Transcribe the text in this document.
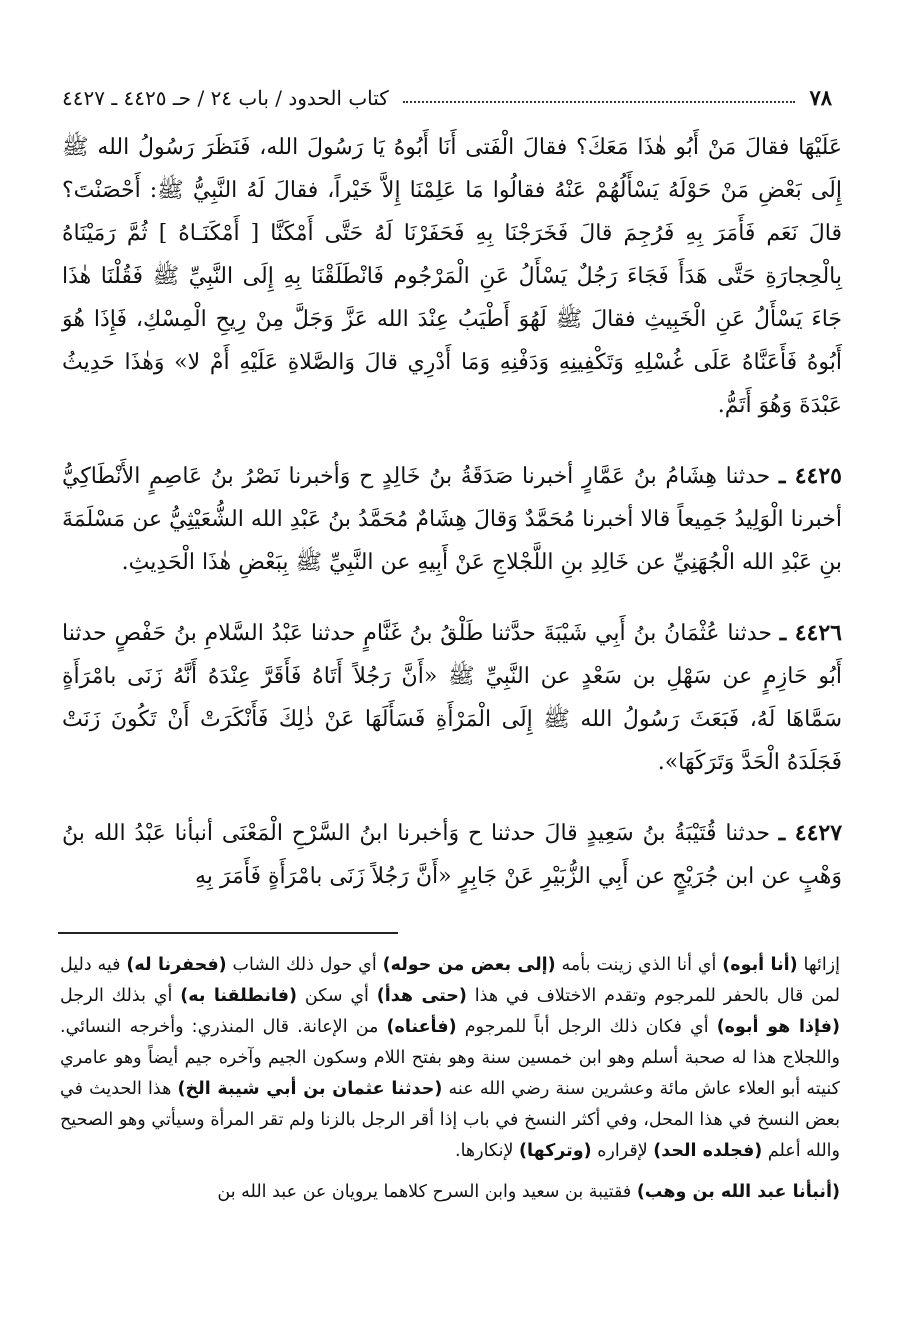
كتاب الحدود / باب ٢٤ / حـ ٤٤٢٥ ـ ٤٤٢٧	٧٨

عَلَيْهَا فقالَ مَنْ أَبُو هٰذَا مَعَكَ؟ فقالَ الْفَتى أَنَا أَبُوهُ يَا رَسُولَ الله، فَنَظَرَ رَسُولُ الله ﷺ إِلَى بَعْضِ مَنْ حَوْلَهُ يَسْأَلُهُمْ عَنْهُ فقالُوا مَا عَلِمْنَا إِلاَّ خَيْراً، فقالَ لَهُ النَّبِيُّ ﷺ: أَحْصَنْتَ؟ قالَ نَعَم فَأَمَرَ بِهِ فَرُجِمَ قالَ فَخَرَجْنَا بِهِ فَحَفَرْنَا لَهُ حَتَّى أَمْكَنَّا [ أَمْكَنَـاهُ ] ثُمَّ رَمَيْنَاهُ بِالْحِجارَةِ حَتَّى هَدَأَ فَجَاءَ رَجُلٌ يَسْأَلُ عَنِ الْمَرْجُوم فَانْطَلَقْنَا بِهِ إِلَى النَّبِيِّ ﷺ فَقُلْنَا هٰذَا جَاءَ يَسْأَلُ عَنِ الْخَبِيثِ فقالَ ﷺ لَهُوَ أَطْيَبُ عِنْدَ الله عَزَّ وَجَلَّ مِنْ رِيحِ الْمِسْكِ، فَإِذَا هُوَ أَبُوهُ فَأَعَنَّاهُ عَلَى غُسْلِهِ وَتَكْفِينِهِ وَدَفْنِهِ وَمَا أَدْرِي قالَ وَالصَّلاةِ عَلَيْهِ أَمْ لا» وَهٰذَا حَدِيثُ عَبْدَةَ وَهُوَ أَتَمُّ.

٤٤٢٥ ـ حدثنا هِشَامُ بنُ عَمَّارٍ أخبرنا صَدَقَةُ بنُ خَالِدٍ ح وَأخبرنا نَصْرُ بنُ عَاصِمٍ الأَنْطَاكِيُّ أخبرنا الْوَلِيدُ جَمِيعاً قالا أخبرنا مُحَمَّدٌ وَقالَ هِشَامٌ مُحَمَّدُ بنُ عَبْدِ الله الشُّعَيْثِيُّ عن مَسْلَمَةَ بنِ عَبْدِ الله الْجُهَنِيِّ عن خَالِدِ بنِ اللَّجْلاجِ عَنْ أَبِيهِ عن النَّبِيِّ ﷺ بِبَعْضِ هٰذَا الْحَدِيثِ.

٤٤٢٦ ـ حدثنا عُثْمَانُ بنُ أَبِي شَيْبَةَ حدَّثنا طَلْقُ بنُ غَنَّامٍ حدثنا عَبْدُ السَّلامِ بنُ حَفْصٍ حدثنا أَبُو حَازِمٍ عن سَهْلِ بن سَعْدٍ عن النَّبِيِّ ﷺ «أَنَّ رَجُلاً أَتَاهُ فَأَقَرَّ عِنْدَهُ أَنَّهُ زَنَى بامْرَأَةٍ سَمَّاهَا لَهُ، فَبَعَثَ رَسُولُ الله ﷺ إِلَى الْمَرْأَةِ فَسَأَلَهَا عَنْ ذٰلِكَ فَأَنْكَرَتْ أَنْ تَكُونَ زَنَتْ فَجَلَدَهُ الْحَدَّ وَتَرَكَهَا».

٤٤٢٧ ـ حدثنا قُتَيْبَةُ بنُ سَعِيدٍ قالَ حدثنا ح وَأخبرنا ابنُ السَّرْحِ الْمَعْنَى أنبأنا عَبْدُ الله بنُ وَهْبٍ عن ابن جُرَيْجٍ عن أَبِي الزُّبَيْرِ عَنْ جَابِرٍ «أَنَّ رَجُلاً زَنَى بامْرَأَةٍ فَأَمَرَ بِهِ

إزائها (أنا أبوه) أي أنا الذي زينت بأمه (إلى بعض من حوله) أي حول ذلك الشاب (فحفرنا له) فيه دليل لمن قال بالحفر للمرجوم وتقدم الاختلاف في هذا (حتى هدأ) أي سكن (فانطلقنا به) أي بذلك الرجل (فإذا هو أبوه) أي فكان ذلك الرجل أباً للمرجوم (فأعناه) من الإعانة. قال المنذري: وأخرجه النسائي. واللجلاج هذا له صحبة أسلم وهو ابن خمسين سنة وهو بفتح اللام وسكون الجيم وآخره جيم أيضاً وهو عامري كنيته أبو العلاء عاش مائة وعشرين سنة رضي الله عنه (حدثنا عثمان بن أبي شيبة الخ) هذا الحديث في بعض النسخ في هذا المحل، وفي أكثر النسخ في باب إذا أقر الرجل بالزنا ولم تقر المرأة وسيأتي وهو الصحيح والله أعلم (فجلده الحد) لإقراره (وتركها) لإنكارها.

(أنبأنا عبد الله بن وهب) فقتيبة بن سعيد وابن السرح كلاهما يرويان عن عبد الله بن
